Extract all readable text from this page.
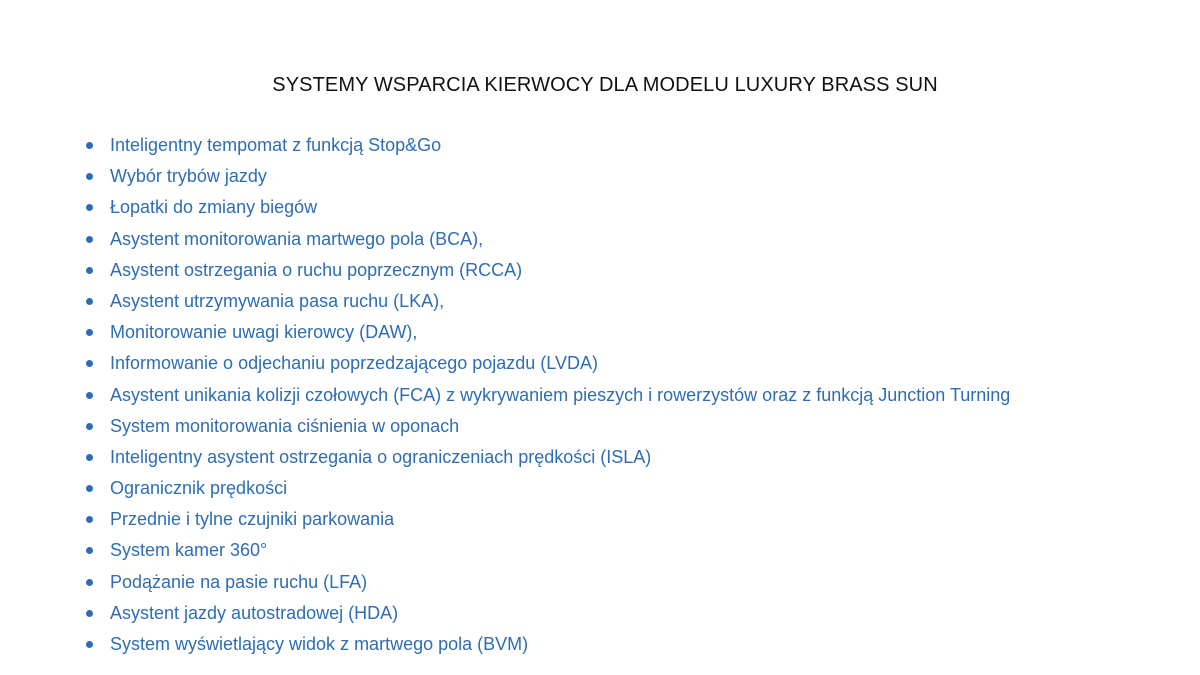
SYSTEMY WSPARCIA KIERWOCY DLA MODELU LUXURY BRASS SUN
Inteligentny tempomat z funkcją Stop&Go
Wybór trybów jazdy
Łopatki do zmiany biegów
Asystent monitorowania martwego pola (BCA),
Asystent ostrzegania o ruchu poprzecznym (RCCA)
Asystent utrzymywania pasa ruchu (LKA),
Monitorowanie uwagi kierowcy (DAW),
Informowanie o odjechaniu poprzedzającego pojazdu (LVDA)
Asystent unikania kolizji czołowych (FCA) z wykrywaniem pieszych i rowerzystów oraz z funkcją Junction Turning
System monitorowania ciśnienia w oponach
Inteligentny asystent ostrzegania o ograniczeniach prędkości (ISLA)
Ogranicznik prędkości
Przednie i tylne czujniki parkowania
System kamer 360°
Podążanie na pasie ruchu (LFA)
Asystent jazdy autostradowej (HDA)
System wyświetlający widok z martwego pola (BVM)
